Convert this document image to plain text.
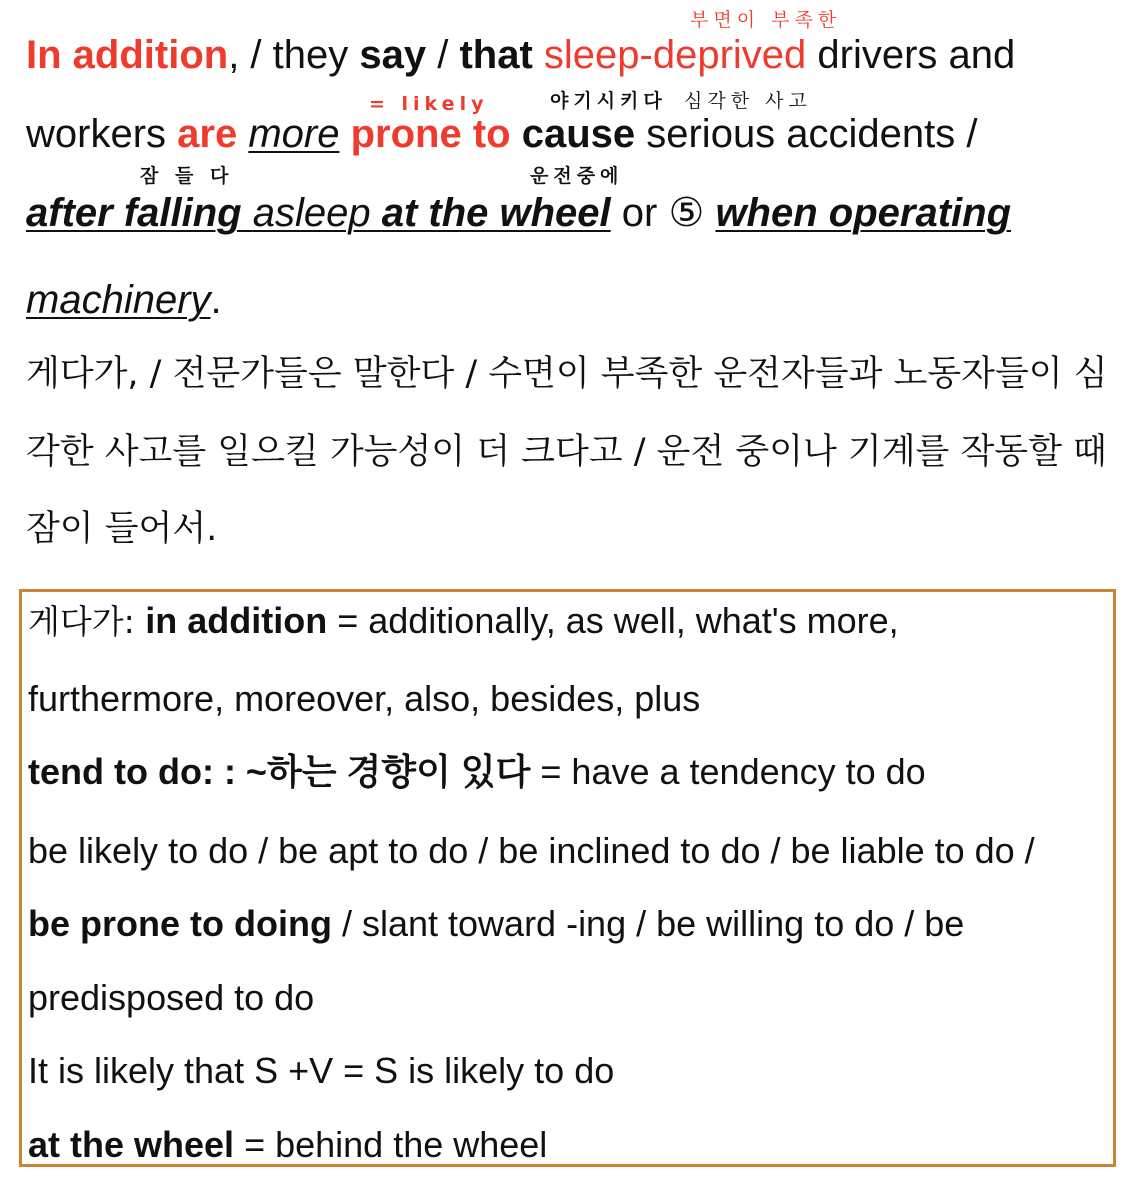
부면이 부족한
= likely	야기시키다 심각한 사고
잠 들 다	운전중에
In addition, / they say / that sleep-deprived drivers and
workers are more prone to cause serious accidents /
after falling asleep at the wheel or ⑤ when operating
machinery.
게다가, / 전문가들은 말한다 / 수면이 부족한 운전자들과 노동자들이 심
각한 사고를 일으킬 가능성이 더 크다고 / 운전 중이나 기계를 작동할 때
잠이 들어서.
게다가: in addition = additionally, as well, what's more,
furthermore, moreover, also, besides, plus
tend to do: : ~하는 경향이 있다 = have a tendency to do
be likely to do / be apt to do / be inclined to do / be liable to do /
be prone to doing / slant toward -ing / be willing to do / be
predisposed to do
It is likely that S +V = S is likely to do
at the wheel = behind the wheel
